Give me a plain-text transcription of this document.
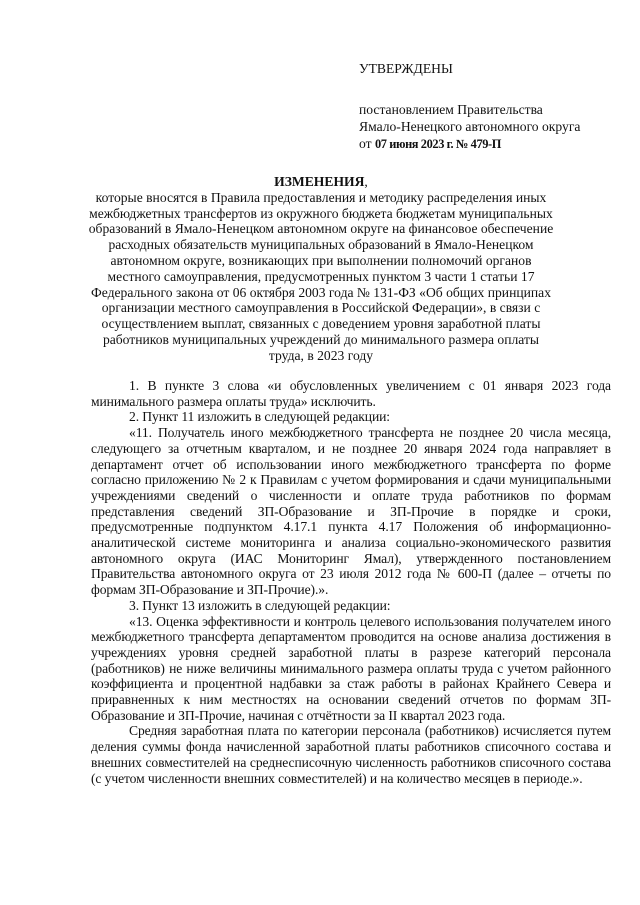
УТВЕРЖДЕНЫ
постановлением Правительства
Ямало-Ненецкого автономного округа
от 07 июня 2023 г. № 479-П
ИЗМЕНЕНИЯ,
которые вносятся в Правила предоставления и методику распределения иных межбюджетных трансфертов из окружного бюджета бюджетам муниципальных образований в Ямало-Ненецком автономном округе на финансовое обеспечение расходных обязательств муниципальных образований в Ямало-Ненецком автономном округе, возникающих при выполнении полномочий органов местного самоуправления, предусмотренных пунктом 3 части 1 статьи 17 Федерального закона от 06 октября 2003 года № 131-ФЗ «Об общих принципах организации местного самоуправления в Российской Федерации», в связи с осуществлением выплат, связанных с доведением уровня заработной платы работников муниципальных учреждений до минимального размера оплаты труда, в 2023 году

1. В пункте 3 слова «и обусловленных увеличением с 01 января 2023 года минимального размера оплаты труда» исключить.

2. Пункт 11 изложить в следующей редакции:

«11. Получатель иного межбюджетного трансферта не позднее 20 числа месяца, следующего за отчетным кварталом, и не позднее 20 января 2024 года направляет в департамент отчет об использовании иного межбюджетного трансферта по форме согласно приложению № 2 к Правилам с учетом формирования и сдачи муниципальными учреждениями сведений о численности и оплате труда работников по формам представления сведений ЗП-Образование и ЗП-Прочие в порядке и сроки, предусмотренные подпунктом 4.17.1 пункта 4.17 Положения об информационно-аналитической системе мониторинга и анализа социально-экономического развития автономного округа (ИАС Мониторинг Ямал), утвержденного постановлением Правительства автономного округа от 23 июля 2012 года № 600-П (далее – отчеты по формам ЗП-Образование и ЗП-Прочие).».

3. Пункт 13 изложить в следующей редакции:

«13. Оценка эффективности и контроль целевого использования получателем иного межбюджетного трансферта департаментом проводится на основе анализа достижения в учреждениях уровня средней заработной платы в разрезе категорий персонала (работников) не ниже величины минимального размера оплаты труда с учетом районного коэффициента и процентной надбавки за стаж работы в районах Крайнего Севера и приравненных к ним местностях на основании сведений отчетов по формам ЗП-Образование и ЗП-Прочие, начиная с отчётности за II квартал 2023 года.

Средняя заработная плата по категории персонала (работников) исчисляется путем деления суммы фонда начисленной заработной платы работников списочного состава и внешних совместителей на среднесписочную численность работников списочного состава (с учетом численности внешних совместителей) и на количество месяцев в периоде.».
